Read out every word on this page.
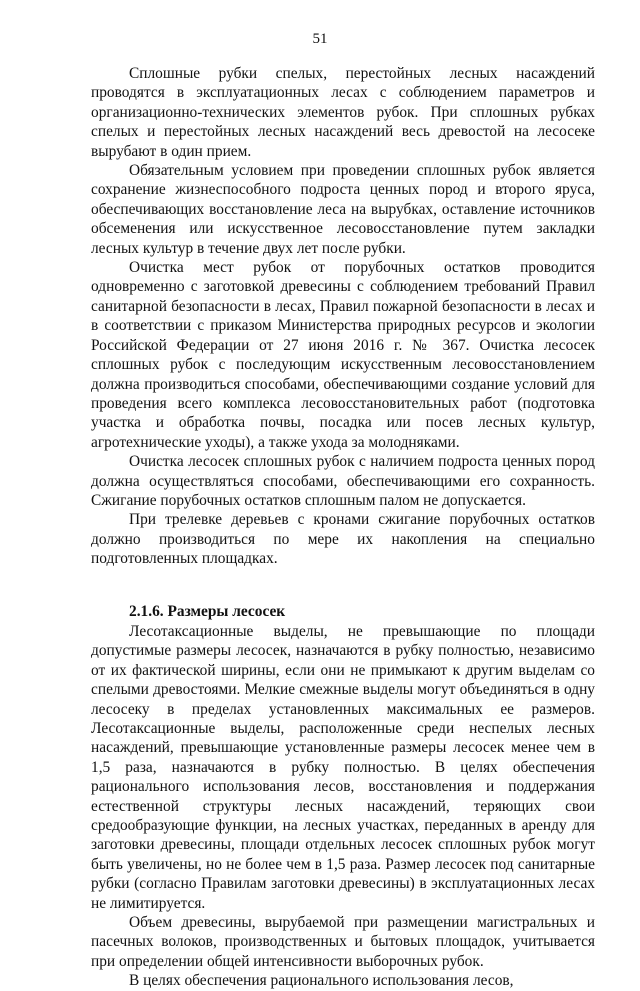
51

Сплошные рубки спелых, перестойных лесных насаждений проводятся в эксплуатационных лесах с соблюдением параметров и организационно-технических элементов рубок. При сплошных рубках спелых и перестойных лесных насаждений весь древостой на лесосеке вырубают в один прием.

Обязательным условием при проведении сплошных рубок является сохранение жизнеспособного подроста ценных пород и второго яруса, обеспечивающих восстановление леса на вырубках, оставление источников обсеменения или искусственное лесовосстановление путем закладки лесных культур в течение двух лет после рубки.

Очистка мест рубок от порубочных остатков проводится одновременно с заготовкой древесины с соблюдением требований Правил санитарной безопасности в лесах, Правил пожарной безопасности в лесах и в соответствии с приказом Министерства природных ресурсов и экологии Российской Федерации от 27 июня 2016 г. № 367. Очистка лесосек сплошных рубок с последующим искусственным лесовосстановлением должна производиться способами, обеспечивающими создание условий для проведения всего комплекса лесовосстановительных работ (подготовка участка и обработка почвы, посадка или посев лесных культур, агротехнические уходы), а также ухода за молодняками.

Очистка лесосек сплошных рубок с наличием подроста ценных пород должна осуществляться способами, обеспечивающими его сохранность. Сжигание порубочных остатков сплошным палом не допускается.

При трелевке деревьев с кронами сжигание порубочных остатков должно производиться по мере их накопления на специально подготовленных площадках.

2.1.6. Размеры лесосек

Лесотаксационные выделы, не превышающие по площади допустимые размеры лесосек, назначаются в рубку полностью, независимо от их фактической ширины, если они не примыкают к другим выделам со спелыми древостоями. Мелкие смежные выделы могут объединяться в одну лесосеку в пределах установленных максимальных ее размеров. Лесотаксационные выделы, расположенные среди неспелых лесных насаждений, превышающие установленные размеры лесосек менее чем в 1,5 раза, назначаются в рубку полностью. В целях обеспечения рационального использования лесов, восстановления и поддержания естественной структуры лесных насаждений, теряющих свои средообразующие функции, на лесных участках, переданных в аренду для заготовки древесины, площади отдельных лесосек сплошных рубок могут быть увеличены, но не более чем в 1,5 раза. Размер лесосек под санитарные рубки (согласно Правилам заготовки древесины) в эксплуатационных лесах не лимитируется.

Объем древесины, вырубаемой при размещении магистральных и пасечных волоков, производственных и бытовых площадок, учитывается при определении общей интенсивности выборочных рубок.

В целях обеспечения рационального использования лесов,
